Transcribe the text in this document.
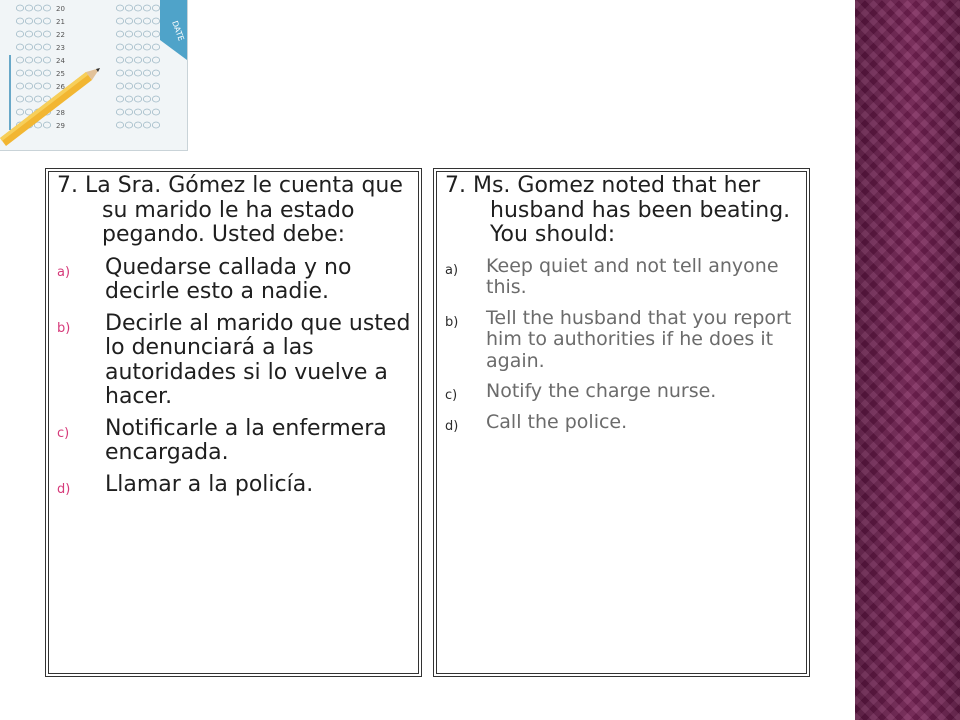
20
21
22
23
24
25
26
28
29
DATE

7. La Sra. Gómez le cuenta que su marido le ha estado pegando. Usted debe:

a) Quedarse callada y no decirle esto a nadie.
b) Decirle al marido que usted lo denunciará a las autoridades si lo vuelve a hacer.
c) Notificarle a la enfermera encargada.
d) Llamar a la policía.

7. Ms. Gomez noted that her husband has been beating. You should:

a) Keep quiet and not tell anyone this.
b) Tell the husband that you report him to authorities if he does it again.
c) Notify the charge nurse.
d) Call the police.
